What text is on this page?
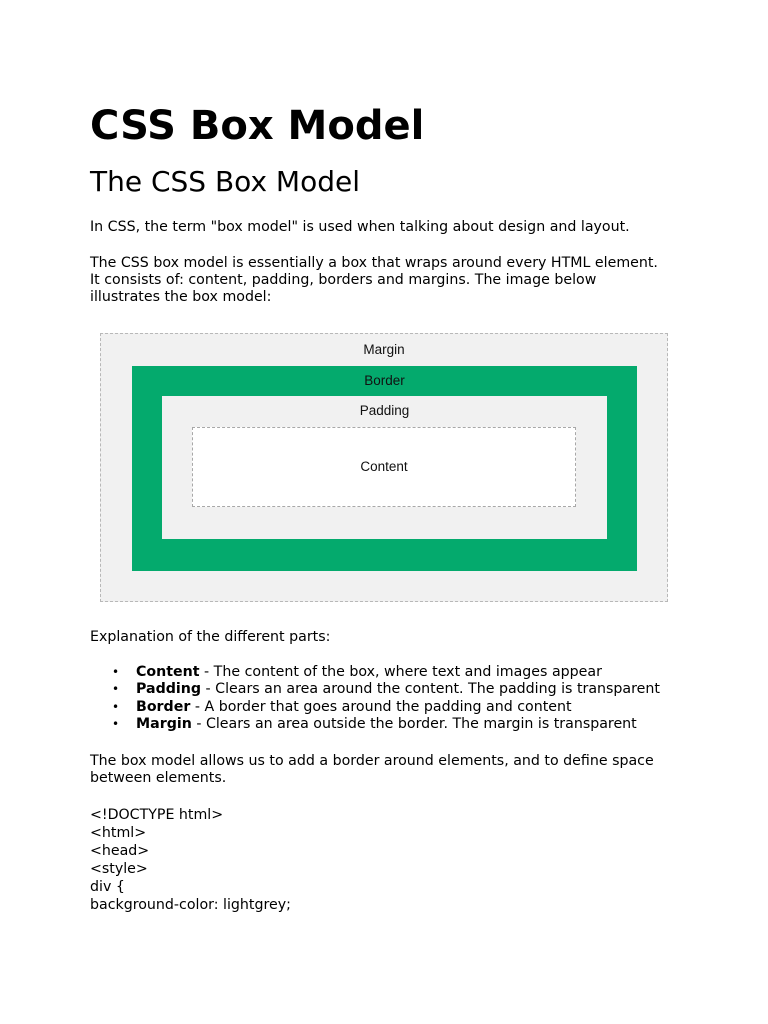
CSS Box Model
The CSS Box Model

In CSS, the term "box model" is used when talking about design and layout.

The CSS box model is essentially a box that wraps around every HTML element.
It consists of: content, padding, borders and margins. The image below
illustrates the box model:

Margin
Border
Padding
Content

Explanation of the different parts:

• Content - The content of the box, where text and images appear
• Padding - Clears an area around the content. The padding is transparent
• Border - A border that goes around the padding and content
• Margin - Clears an area outside the border. The margin is transparent

The box model allows us to add a border around elements, and to define space
between elements.

<!DOCTYPE html>
<html>
<head>
<style>
div {
background-color: lightgrey;
